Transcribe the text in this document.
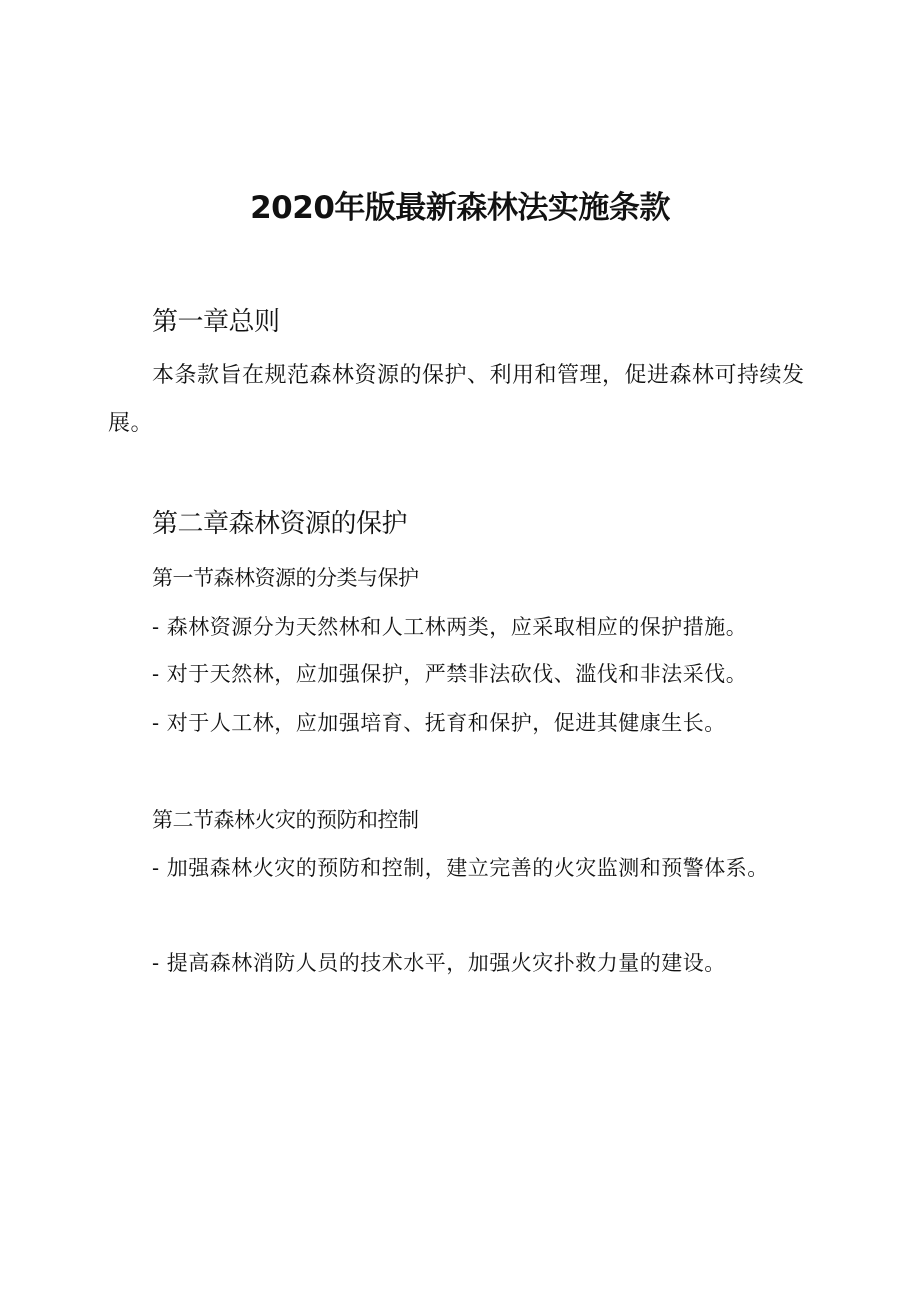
2020年版最新森林法实施条款
第一章总则
本条款旨在规范森林资源的保护、利用和管理，促进森林可持续发展。
第二章森林资源的保护
第一节森林资源的分类与保护
- 森林资源分为天然林和人工林两类，应采取相应的保护措施。
- 对于天然林，应加强保护，严禁非法砍伐、滥伐和非法采伐。
- 对于人工林，应加强培育、抚育和保护，促进其健康生长。
第二节森林火灾的预防和控制
- 加强森林火灾的预防和控制，建立完善的火灾监测和预警体系。
- 提高森林消防人员的技术水平，加强火灾扑救力量的建设。
